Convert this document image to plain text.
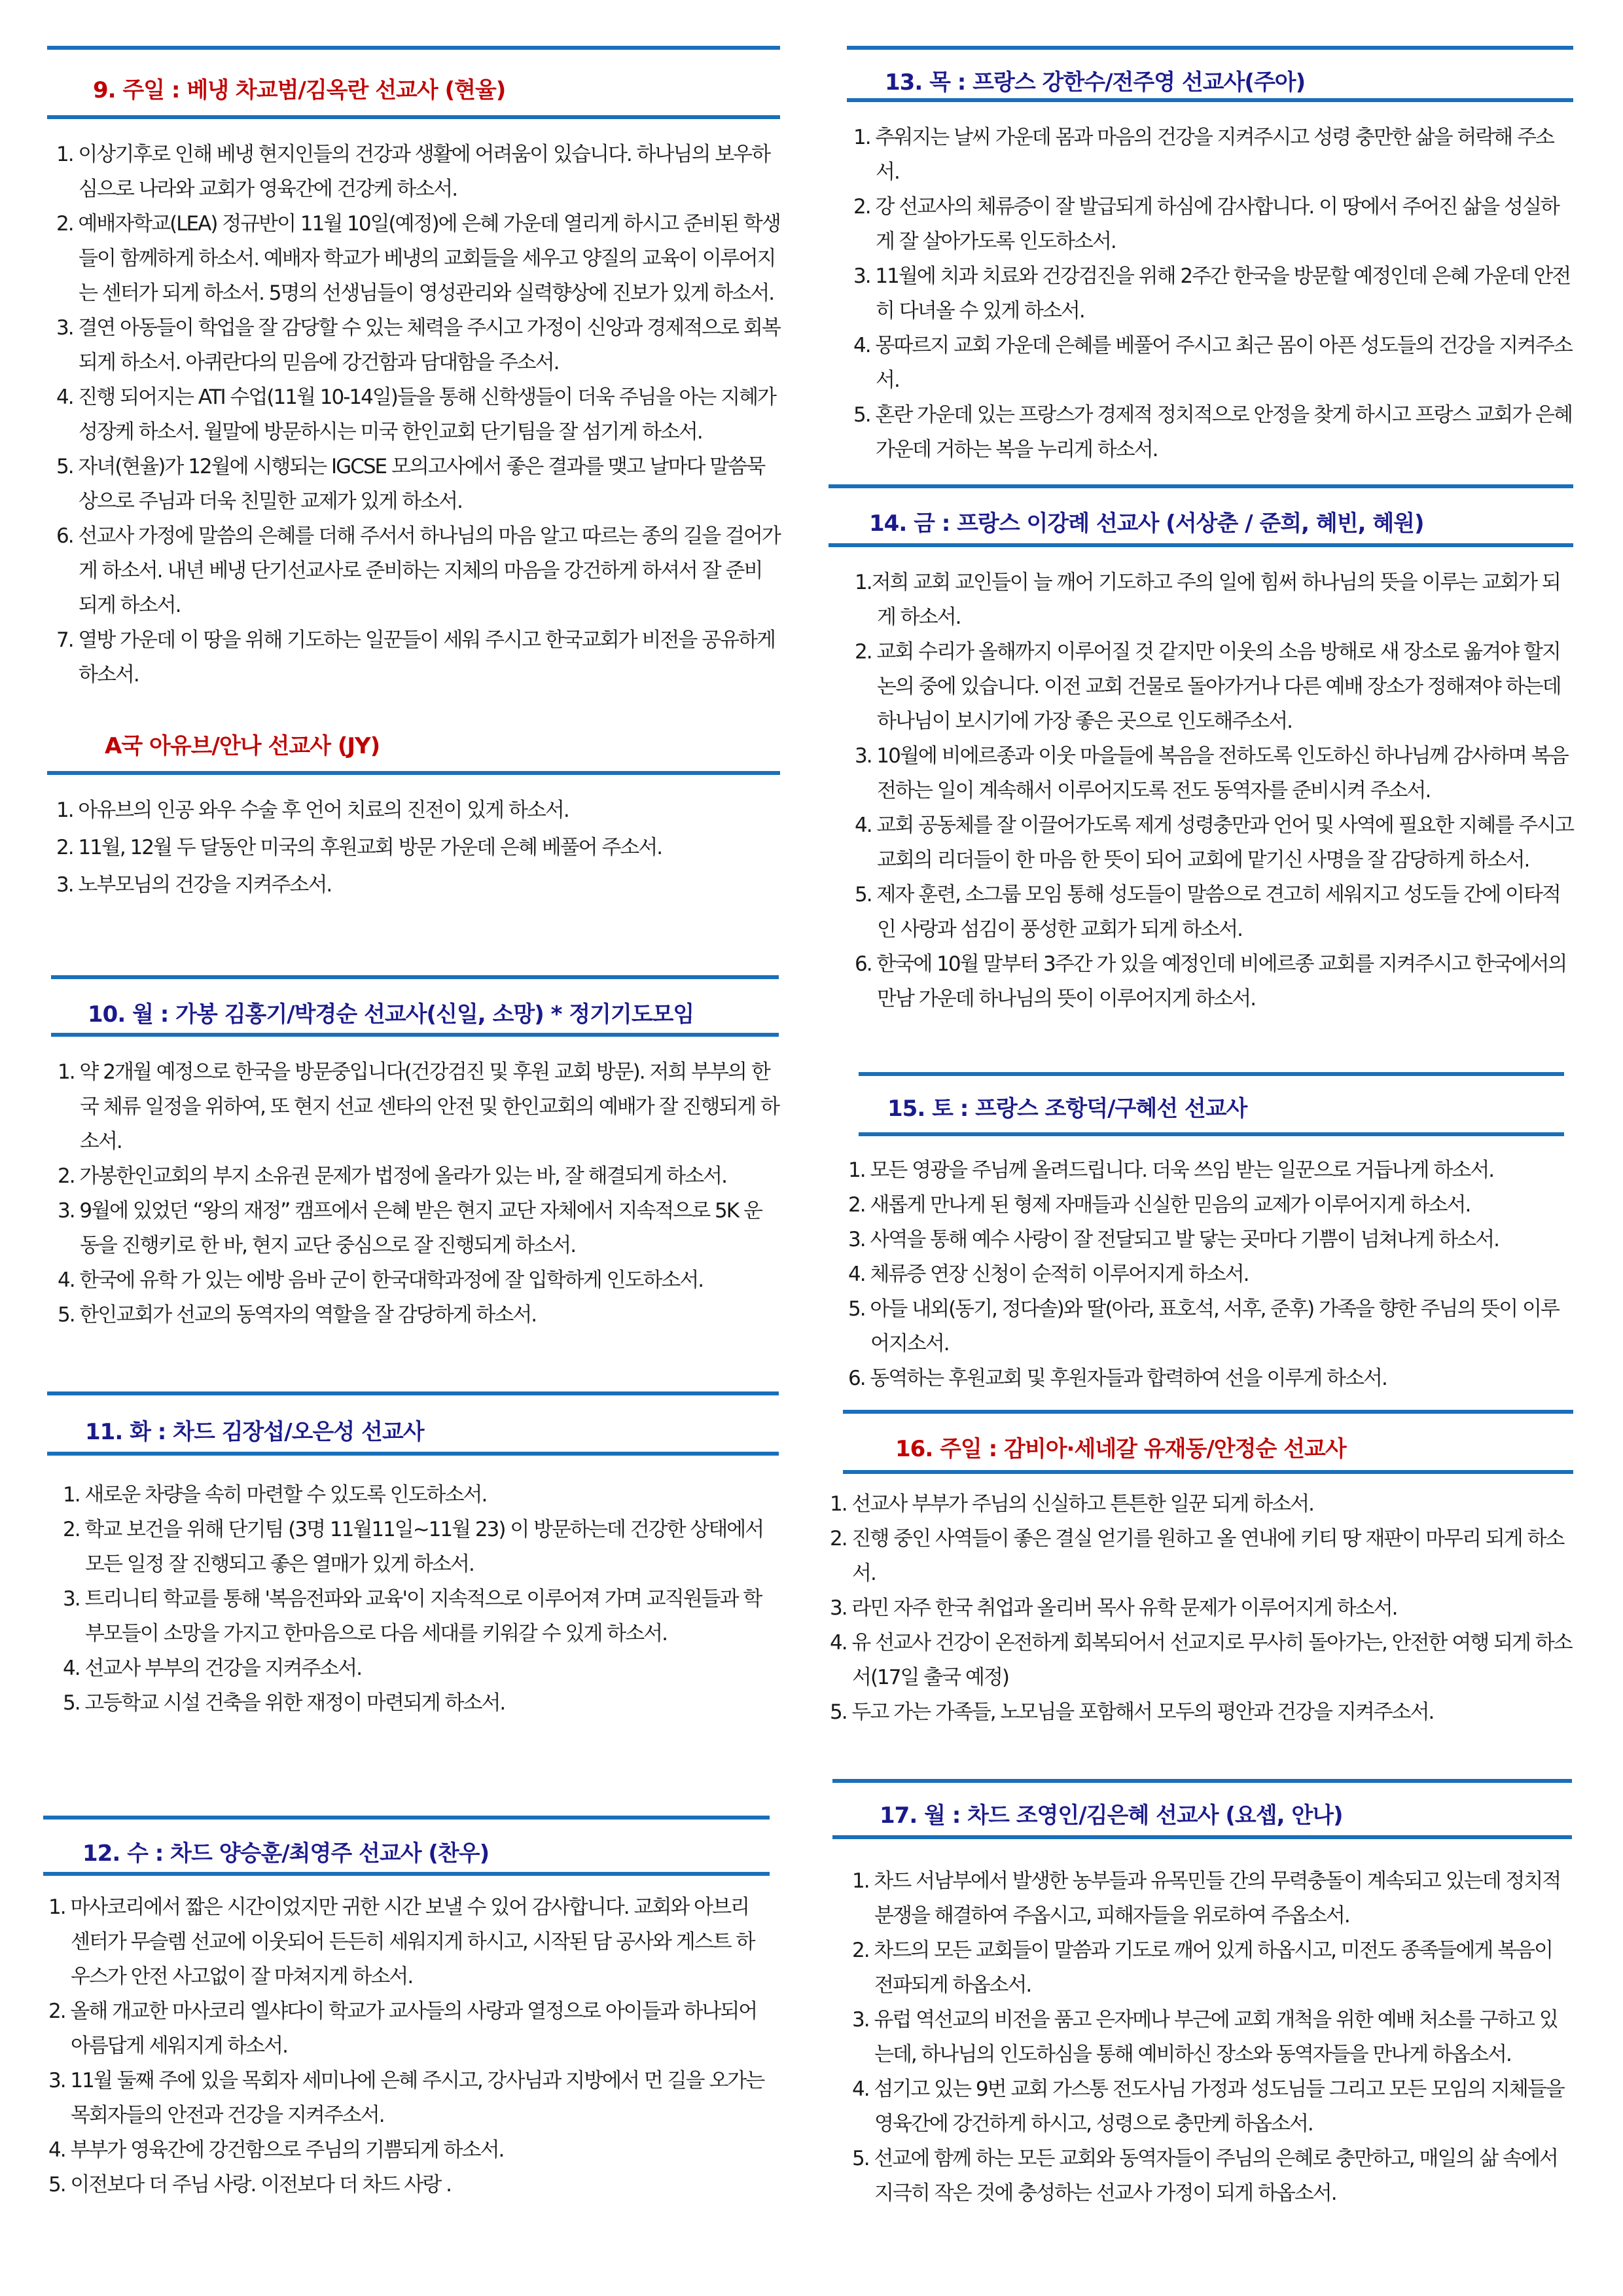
9. 주일 : 베냉 차교범/김옥란 선교사 (현율)
1. 이상기후로 인해 베냉 현지인들의 건강과 생활에 어려움이 있습니다. 하나님의 보우하심으로 나라와 교회가 영육간에 건강케 하소서.
2. 예배자학교(LEA) 정규반이 11월 10일(예정)에 은혜 가운데 열리게 하시고 준비된 학생들이 함께하게 하소서. 예배자 학교가 베냉의 교회들을 세우고 양질의 교육이 이루어지는 센터가 되게 하소서. 5명의 선생님들이 영성관리와 실력향상에 진보가 있게 하소서.
3. 결연 아동들이 학업을 잘 감당할 수 있는 체력을 주시고 가정이 신앙과 경제적으로 회복되게 하소서. 아퀴란다의 믿음에 강건함과 담대함을 주소서.
4. 진행 되어지는 ATI 수업(11월 10-14일)들을 통해 신학생들이 더욱 주님을 아는 지혜가 성장케 하소서. 월말에 방문하시는 미국 한인교회 단기팀을 잘 섬기게 하소서.
5. 자녀(현율)가 12월에 시행되는 IGCSE 모의고사에서 좋은 결과를 맺고 날마다 말씀묵상으로 주님과 더욱 친밀한 교제가 있게 하소서.
6. 선교사 가정에 말씀의 은혜를 더해 주서서 하나님의 마음 알고 따르는 종의 길을 걸어가게 하소서. 내년 베냉 단기선교사로 준비하는 지체의 마음을 강건하게 하셔서 잘 준비되게 하소서.
7. 열방 가운데 이 땅을 위해 기도하는 일꾼들이 세워 주시고 한국교회가 비전을 공유하게 하소서.
A국 아유브/안나 선교사 (JY)
1. 아유브의 인공 와우 수술 후 언어 치료의 진전이 있게 하소서.
2. 11월, 12월 두 달동안 미국의 후원교회 방문 가운데 은혜 베풀어 주소서.
3. 노부모님의 건강을 지켜주소서.
10. 월 : 가봉 김홍기/박경순 선교사(신일, 소망) * 정기기도모임
1. 약 2개월 예정으로 한국을 방문중입니다(건강검진 및 후원 교회 방문). 저희 부부의 한국 체류 일정을 위하여, 또 현지 선교 센타의 안전 및 한인교회의 예배가 잘 진행되게 하소서.
2. 가봉한인교회의 부지 소유권 문제가 법정에 올라가 있는 바, 잘 해결되게 하소서.
3. 9월에 있었던 “왕의 재정” 캠프에서 은혜 받은 현지 교단 자체에서 지속적으로 5K 운동을 진행키로 한 바, 현지 교단 중심으로 잘 진행되게 하소서.
4. 한국에 유학 가 있는 에방 음바 군이 한국대학과정에 잘 입학하게 인도하소서.
5. 한인교회가 선교의 동역자의 역할을 잘 감당하게 하소서.
11. 화 : 차드 김장섭/오은성 선교사
1. 새로운 차량을 속히 마련할 수 있도록 인도하소서.
2. 학교 보건을 위해 단기팀 (3명 11월11일~11월 23) 이 방문하는데 건강한 상태에서 모든 일정 잘 진행되고 좋은 열매가 있게 하소서.
3. 트리니티 학교를 통해 '복음전파와 교육'이 지속적으로 이루어져 가며 교직원들과 학부모들이 소망을 가지고 한마음으로 다음 세대를 키워갈 수 있게 하소서.
4. 선교사 부부의 건강을 지켜주소서.
5. 고등학교 시설 건축을 위한 재정이 마련되게 하소서.
12. 수 : 차드 양승훈/최영주 선교사 (찬우)
1. 마사코리에서 짧은 시간이었지만 귀한 시간 보낼 수 있어 감사합니다. 교회와 아브리 센터가 무슬렘 선교에 이웃되어 든든히 세워지게 하시고, 시작된 담 공사와 게스트 하우스가 안전 사고없이 잘 마쳐지게 하소서.
2. 올해 개교한 마사코리 엘샤다이 학교가 교사들의 사랑과 열정으로 아이들과 하나되어 아름답게 세워지게 하소서.
3. 11월 둘째 주에 있을 목회자 세미나에 은혜 주시고, 강사님과 지방에서 먼 길을 오가는 목회자들의 안전과 건강을 지켜주소서.
4. 부부가 영육간에 강건함으로 주님의 기쁨되게 하소서.
5. 이전보다 더 주님 사랑. 이전보다 더 차드 사랑 .
13. 목 : 프랑스 강한수/전주영 선교사(주아)
1. 추워지는 날씨 가운데 몸과 마음의 건강을 지켜주시고 성령 충만한 삶을 허락해 주소서.
2. 강 선교사의 체류증이 잘 발급되게 하심에 감사합니다. 이 땅에서 주어진 삶을 성실하게 잘 살아가도록 인도하소서.
3. 11월에 치과 치료와 건강검진을 위해 2주간 한국을 방문할 예정인데 은혜 가운데 안전히 다녀올 수 있게 하소서.
4. 몽따르지 교회 가운데 은혜를 베풀어 주시고 최근 몸이 아픈 성도들의 건강을 지켜주소서.
5. 혼란 가운데 있는 프랑스가 경제적 정치적으로 안정을 찾게 하시고 프랑스 교회가 은혜 가운데 거하는 복을 누리게 하소서.
14. 금 : 프랑스 이강례 선교사 (서상춘 / 준희, 혜빈, 혜원)
1.저희 교회 교인들이 늘 깨어 기도하고 주의 일에 힘써 하나님의 뜻을 이루는 교회가 되게 하소서.
2. 교회 수리가 올해까지 이루어질 것 같지만 이웃의 소음 방해로 새 장소로 옮겨야 할지 논의 중에 있습니다. 이전 교회 건물로 돌아가거나 다른 예배 장소가 정해져야 하는데 하나님이 보시기에 가장 좋은 곳으로 인도해주소서.
3. 10월에 비에르종과 이웃 마을들에 복음을 전하도록 인도하신 하나님께 감사하며 복음 전하는 일이 계속해서 이루어지도록 전도 동역자를 준비시켜 주소서.
4. 교회 공동체를 잘 이끌어가도록 제게 성령충만과 언어 및 사역에 필요한 지혜를 주시고 교회의 리더들이 한 마음 한 뜻이 되어 교회에 맡기신 사명을 잘 감당하게 하소서.
5. 제자 훈련, 소그룹 모임 통해 성도들이 말씀으로 견고히 세워지고 성도들 간에 이타적인 사랑과 섬김이 풍성한 교회가 되게 하소서.
6. 한국에 10월 말부터 3주간 가 있을 예정인데 비에르종 교회를 지켜주시고 한국에서의 만남 가운데 하나님의 뜻이 이루어지게 하소서.
15. 토 : 프랑스 조항덕/구혜선 선교사
1. 모든 영광을 주님께 올려드립니다. 더욱 쓰임 받는 일꾼으로 거듭나게 하소서.
2. 새롭게 만나게 된 형제 자매들과 신실한 믿음의 교제가 이루어지게 하소서.
3. 사역을 통해 예수 사랑이 잘 전달되고 발 닿는 곳마다 기쁨이 넘쳐나게 하소서.
4. 체류증 연장 신청이 순적히 이루어지게 하소서.
5. 아들 내외(동기, 정다솔)와 딸(아라, 표호석, 서후, 준후) 가족을 향한 주님의 뜻이 이루어지소서.
6. 동역하는 후원교회 및 후원자들과 합력하여 선을 이루게 하소서.
16. 주일 : 감비아·세네갈 유재동/안정순 선교사
1. 선교사 부부가 주님의 신실하고 튼튼한 일꾼 되게 하소서.
2. 진행 중인 사역들이 좋은 결실 얻기를 원하고 올 연내에 키티 땅 재판이 마무리 되게 하소서.
3. 라민 자주 한국 취업과 올리버 목사 유학 문제가 이루어지게 하소서.
4. 유 선교사 건강이 온전하게 회복되어서 선교지로 무사히 돌아가는, 안전한 여행 되게 하소서(17일 출국 예정)
5. 두고 가는 가족들, 노모님을 포함해서 모두의 평안과 건강을 지켜주소서.
17. 월 : 차드 조영인/김은혜 선교사 (요셉, 안나)
1. 차드 서남부에서 발생한 농부들과 유목민들 간의 무력충돌이 계속되고 있는데 정치적 분쟁을 해결하여 주옵시고, 피해자들을 위로하여 주옵소서.
2. 차드의 모든 교회들이 말씀과 기도로 깨어 있게 하옵시고, 미전도 종족들에게 복음이 전파되게 하옵소서.
3. 유럽 역선교의 비전을 품고 은자메나 부근에 교회 개척을 위한 예배 처소를 구하고 있는데, 하나님의 인도하심을 통해 예비하신 장소와 동역자들을 만나게 하옵소서.
4. 섬기고 있는 9번 교회 가스통 전도사님 가정과 성도님들 그리고 모든 모임의 지체들을 영육간에 강건하게 하시고, 성령으로 충만케 하옵소서.
5. 선교에 함께 하는 모든 교회와 동역자들이 주님의 은혜로 충만하고, 매일의 삶 속에서 지극히 작은 것에 충성하는 선교사 가정이 되게 하옵소서.
